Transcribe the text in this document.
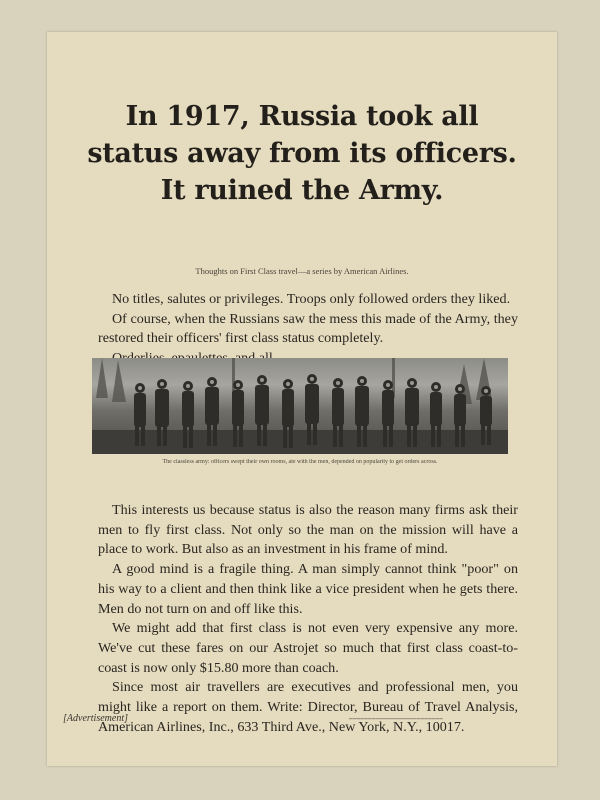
In 1917, Russia took all
status away from its officers.
It ruined the Army.
Thoughts on First Class travel—a series by American Airlines.

No titles, salutes or privileges. Troops only followed orders they liked.

Of course, when the Russians saw the mess this made of the Army, they restored their officers' first class status completely.

The classless army: officers swept their own rooms, ate with the men, depended on popularity to get orders across.

This interests us because status is also the reason many firms ask their men to fly first class. Not only so the man on the mission will have a place to work. But also as an investment in his frame of mind.

A good mind is a fragile thing. A man simply cannot think "poor" on his way to a client and then think like a vice president when he gets there. Men do not turn on and off like this.

We might add that first class is not even very expensive any more. We've cut these fares on our Astrojet so much that first class coast-to-coast is now only $15.80 more than coach.

Since most air travellers are executives and professional men, you might like a report on them. Write: Director, Bureau of Travel Analysis, American Airlines, Inc., 633 Third Ave., New York, N.Y., 10017.

[Advertisement]	▁▁▁▁▁▁▁▁▁▁▁▁▁▁▁▁▁▁▁▁▁▁▁▁▁
